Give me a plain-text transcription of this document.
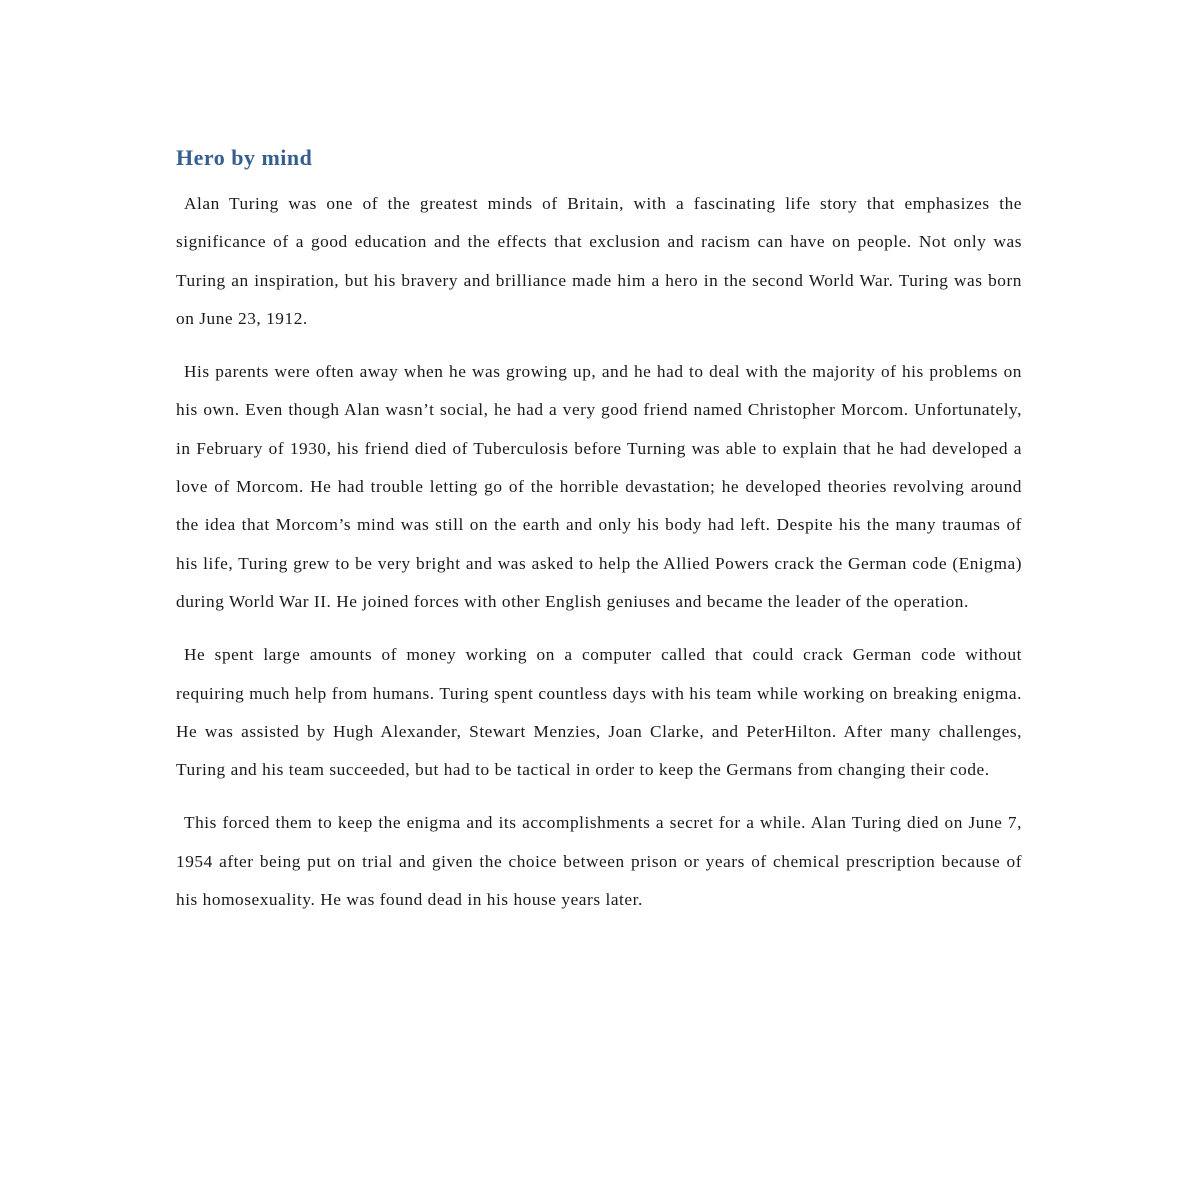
Hero by mind

Alan Turing was one of the greatest minds of Britain, with a fascinating life story that emphasizes the significance of a good education and the effects that exclusion and racism can have on people. Not only was Turing an inspiration, but his bravery and brilliance made him a hero in the second World War. Turing was born on June 23, 1912.

His parents were often away when he was growing up, and he had to deal with the majority of his problems on his own. Even though Alan wasn’t social, he had a very good friend named Christopher Morcom. Unfortunately, in February of 1930, his friend died of Tuberculosis before Turning was able to explain that he had developed a love of Morcom. He had trouble letting go of the horrible devastation; he developed theories revolving around the idea that Morcom’s mind was still on the earth and only his body had left. Despite his the many traumas of his life, Turing grew to be very bright and was asked to help the Allied Powers crack the German code (Enigma) during World War II. He joined forces with other English geniuses and became the leader of the operation.

He spent large amounts of money working on a computer called that could crack German code without requiring much help from humans. Turing spent countless days with his team while working on breaking enigma. He was assisted by Hugh Alexander, Stewart Menzies, Joan Clarke, and PeterHilton. After many challenges, Turing and his team succeeded, but had to be tactical in order to keep the Germans from changing their code.

This forced them to keep the enigma and its accomplishments a secret for a while. Alan Turing died on June 7, 1954 after being put on trial and given the choice between prison or years of chemical prescription because of his homosexuality. He was found dead in his house years later.
